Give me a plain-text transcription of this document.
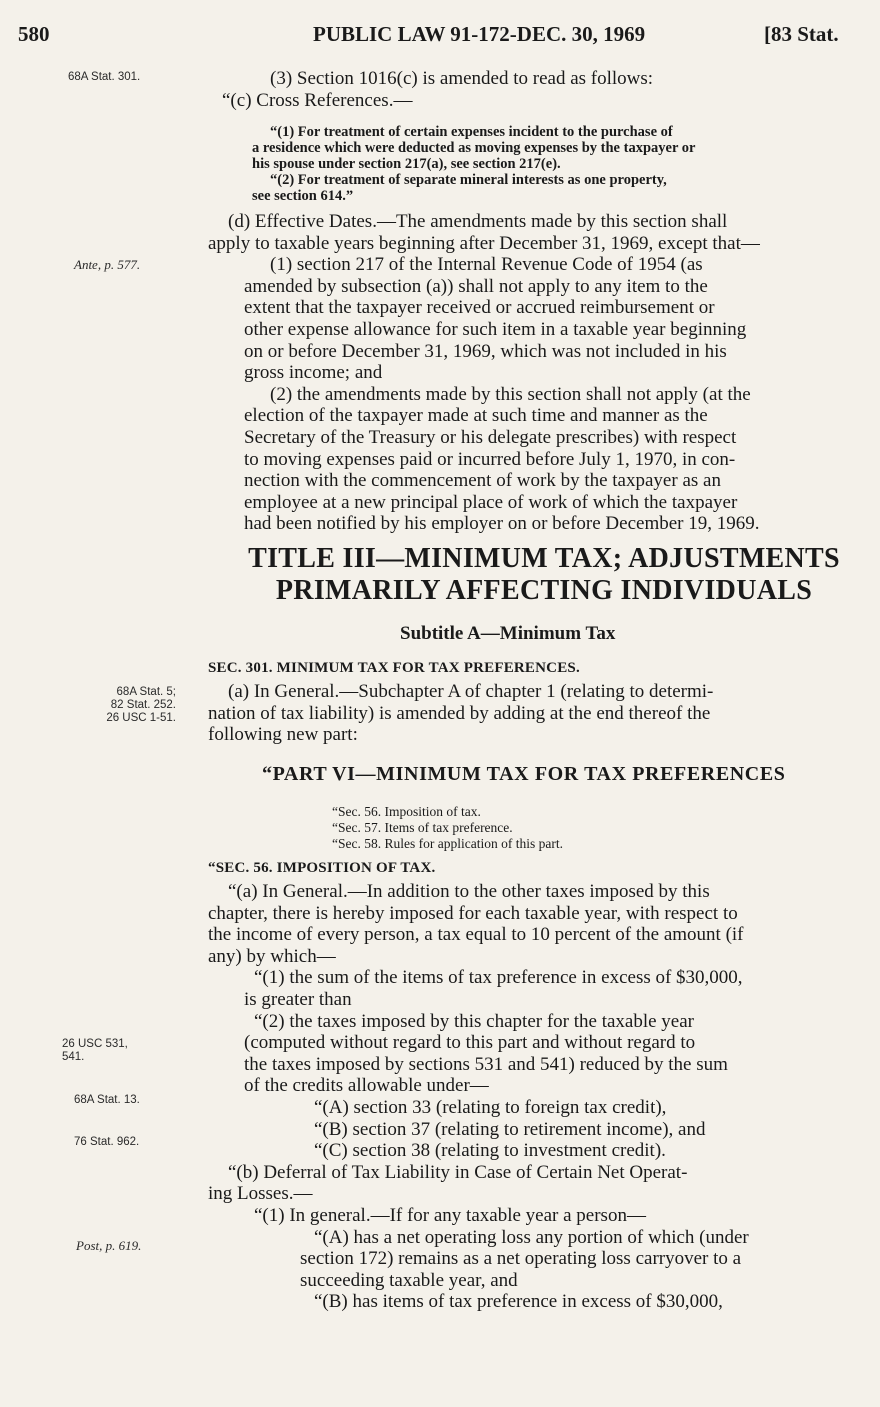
580	PUBLIC LAW 91-172-DEC. 30, 1969	[83 Stat.
68A Stat. 301.
Ante, p. 577.
68A Stat. 5;
82 Stat. 252.
26 USC 1-51.
26 USC 531,
541.
68A Stat. 13.
76 Stat. 962.
Post, p. 619.
(3) Section 1016(c) is amended to read as follows:
“(c) Cross References.—
“(1) For treatment of certain expenses incident to the purchase of
a residence which were deducted as moving expenses by the taxpayer or
his spouse under section 217(a), see section 217(e).
“(2) For treatment of separate mineral interests as one property,
see section 614.”
(d) Effective Dates.—The amendments made by this section shall
apply to taxable years beginning after December 31, 1969, except that—
(1) section 217 of the Internal Revenue Code of 1954 (as
amended by subsection (a)) shall not apply to any item to the
extent that the taxpayer received or accrued reimbursement or
other expense allowance for such item in a taxable year beginning
on or before December 31, 1969, which was not included in his
gross income; and
(2) the amendments made by this section shall not apply (at the
election of the taxpayer made at such time and manner as the
Secretary of the Treasury or his delegate prescribes) with respect
to moving expenses paid or incurred before July 1, 1970, in con-
nection with the commencement of work by the taxpayer as an
employee at a new principal place of work of which the taxpayer
had been notified by his employer on or before December 19, 1969.
TITLE III—MINIMUM TAX; ADJUSTMENTS
PRIMARILY AFFECTING INDIVIDUALS
Subtitle A—Minimum Tax
SEC. 301. MINIMUM TAX FOR TAX PREFERENCES.
(a) In General.—Subchapter A of chapter 1 (relating to determi-
nation of tax liability) is amended by adding at the end thereof the
following new part:
“PART VI—MINIMUM TAX FOR TAX PREFERENCES
“Sec. 56. Imposition of tax.
“Sec. 57. Items of tax preference.
“Sec. 58. Rules for application of this part.
“SEC. 56. IMPOSITION OF TAX.
“(a) In General.—In addition to the other taxes imposed by this
chapter, there is hereby imposed for each taxable year, with respect to
the income of every person, a tax equal to 10 percent of the amount (if
any) by which—
“(1) the sum of the items of tax preference in excess of $30,000,
is greater than
“(2) the taxes imposed by this chapter for the taxable year
(computed without regard to this part and without regard to
the taxes imposed by sections 531 and 541) reduced by the sum
of the credits allowable under—
“(A) section 33 (relating to foreign tax credit),
“(B) section 37 (relating to retirement income), and
“(C) section 38 (relating to investment credit).
“(b) Deferral of Tax Liability in Case of Certain Net Operat-
ing Losses.—
“(1) In general.—If for any taxable year a person—
“(A) has a net operating loss any portion of which (under
section 172) remains as a net operating loss carryover to a
succeeding taxable year, and
“(B) has items of tax preference in excess of $30,000,
